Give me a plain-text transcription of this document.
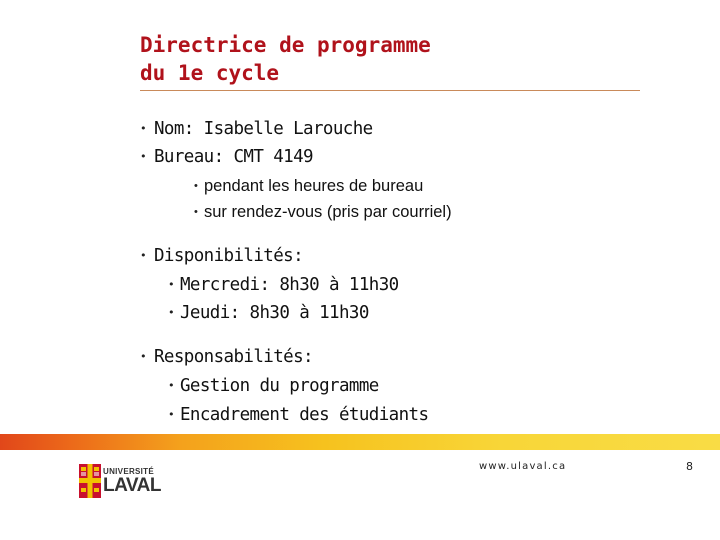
Directrice de programme
du 1e cycle
• Nom: Isabelle Larouche
• Bureau: CMT 4149
• pendant les heures de bureau
• sur rendez-vous (pris par courriel)
• Disponibilités:
• Mercredi: 8h30 à 11h30
• Jeudi: 8h30 à 11h30
• Responsabilités:
• Gestion du programme
• Encadrement des étudiants
UNIVERSITÉ
LAVAL
www.ulaval.ca	8
